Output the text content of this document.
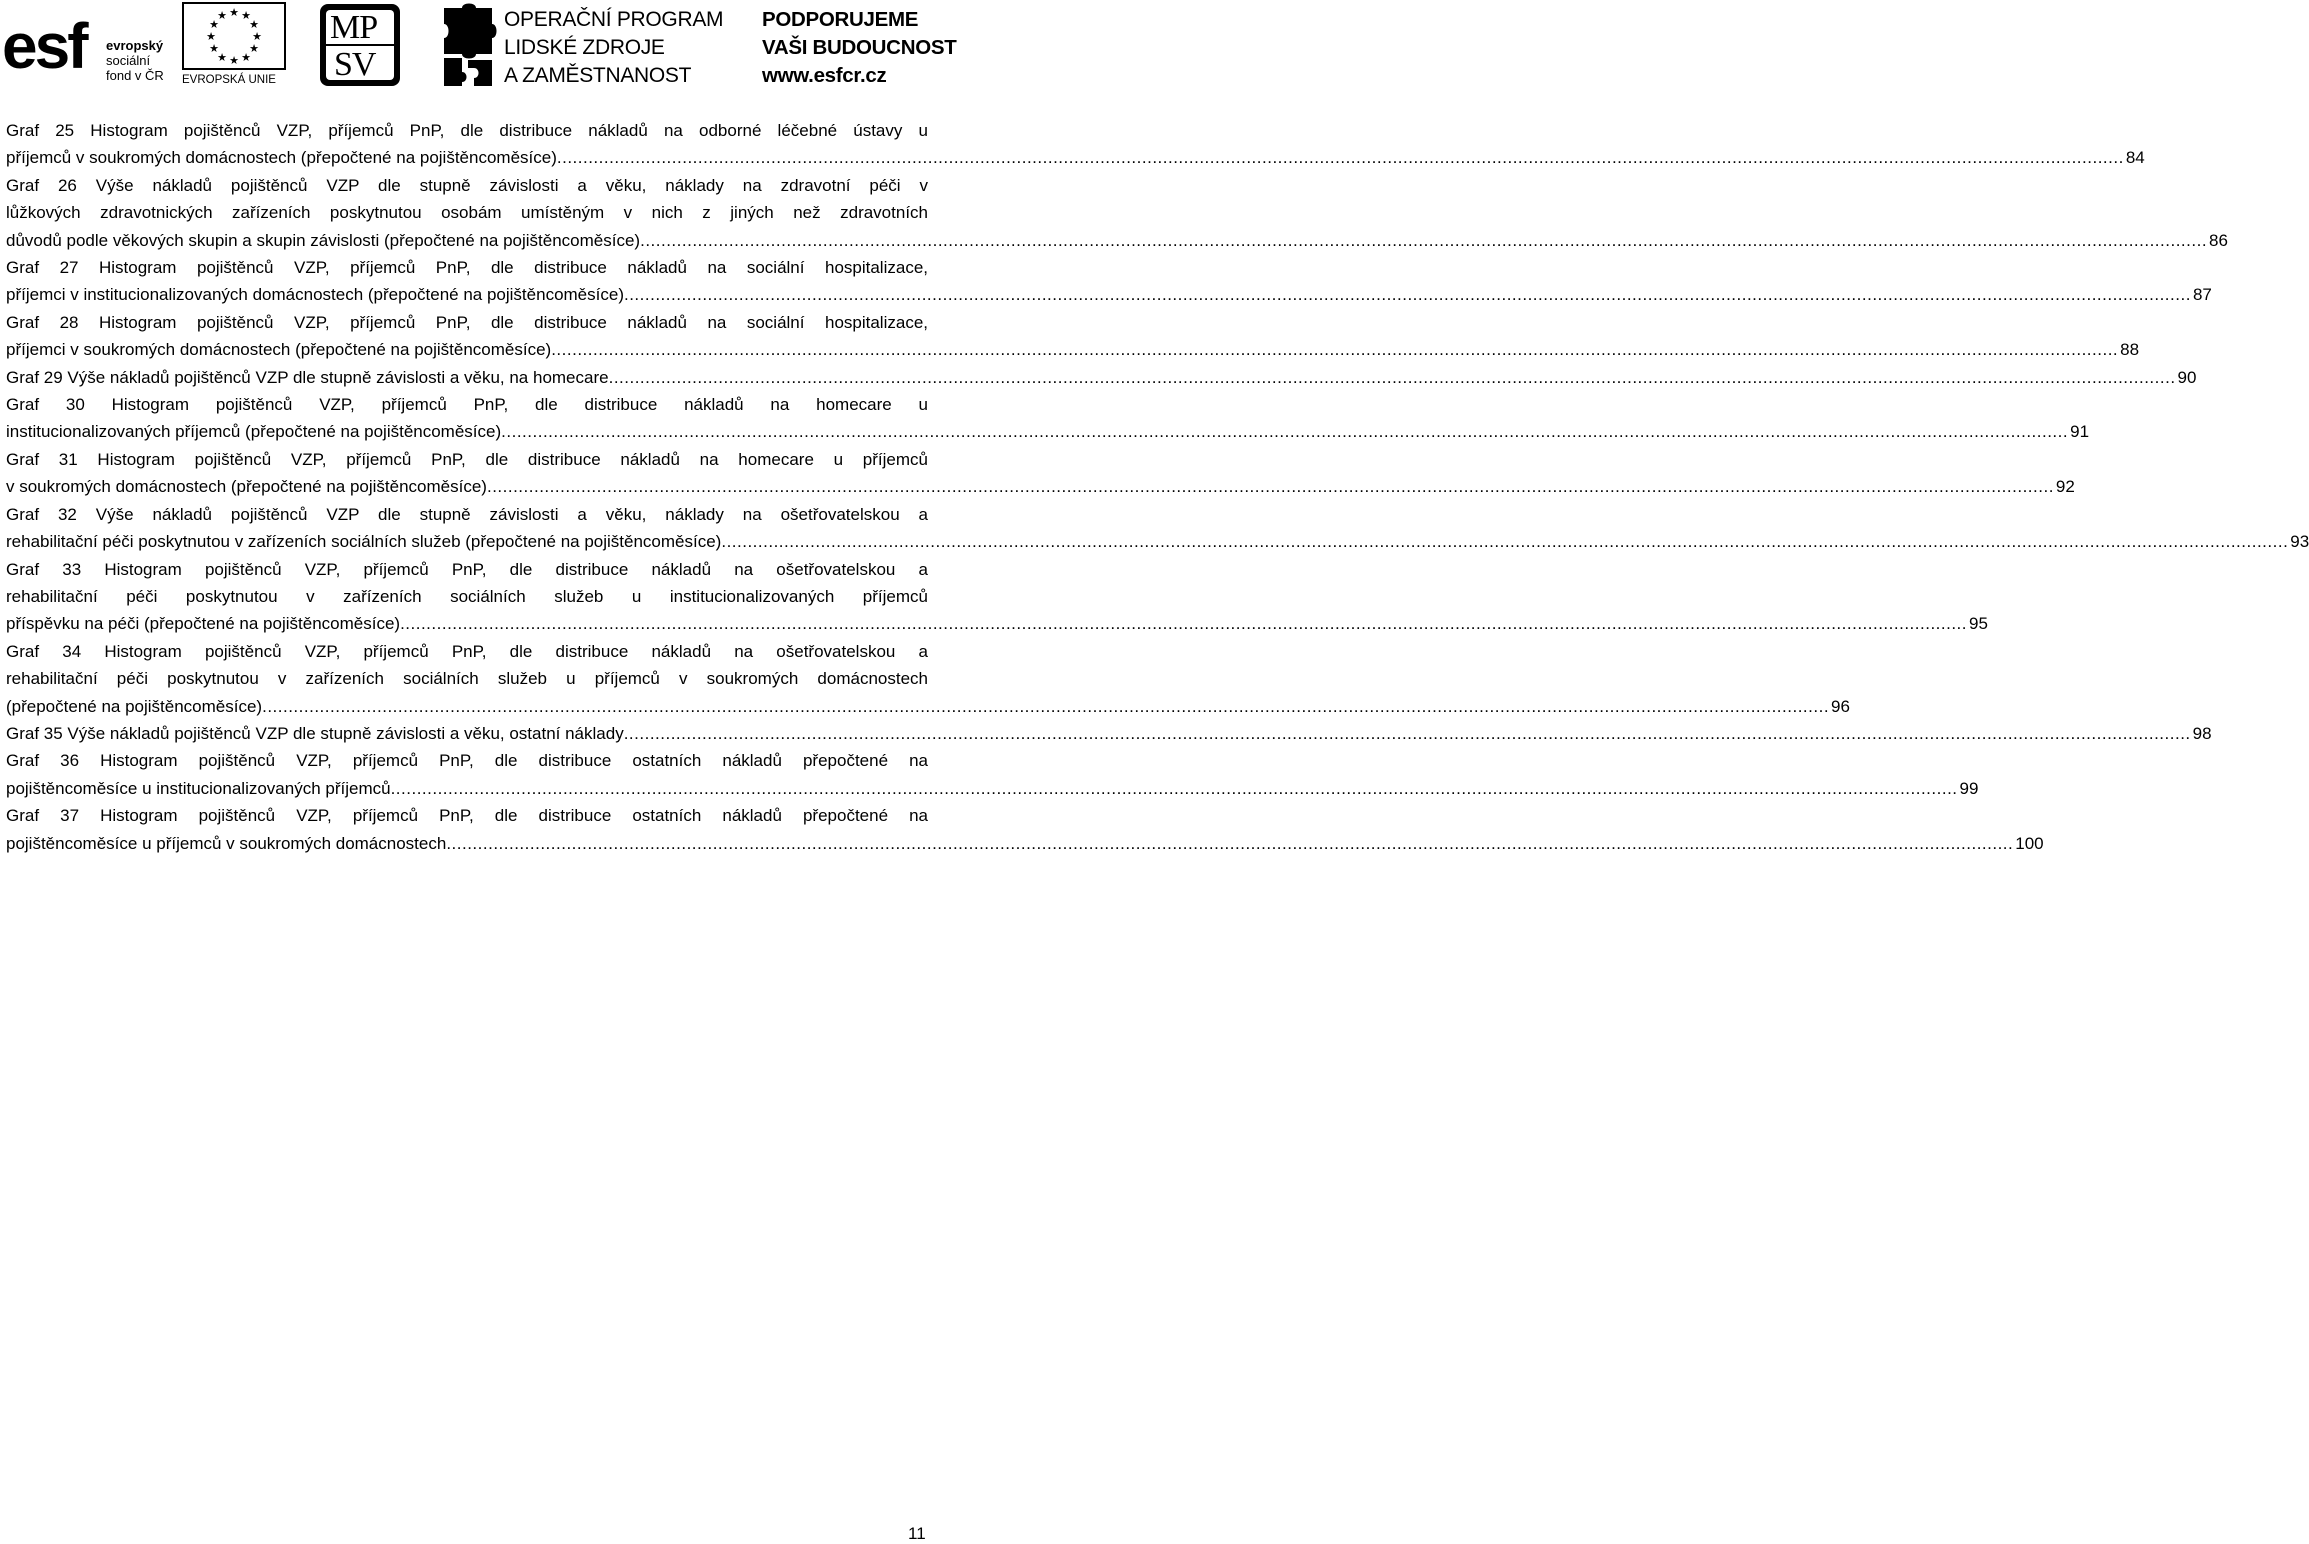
esf evropský
sociální
fond v ČR
★ ★
★
★
★
★
★
★
★
★
★
★
EVROPSKÁ UNIE
MP
SV
OPERAČNÍ PROGRAM
LIDSKÉ ZDROJE
A ZAMĚSTNANOST
PODPORUJEME
VAŠI BUDOUCNOST
www.esfcr.cz
Graf 25 Histogram pojištěnců VZP, příjemců PnP, dle distribuce nákladů na odborné léčebné ústavy u
příjemců v soukromých domácnostech (přepočtené na pojištěncoměsíce) ............................................................................................................................................................................................................................................................................................................ 84
Graf 26 Výše nákladů pojištěnců VZP dle stupně závislosti a věku, náklady na zdravotní péči v
lůžkových zdravotnických zařízeních poskytnutou osobám umístěným v nich z jiných než zdravotních
důvodů podle věkových skupin a skupin závislosti (přepočtené na pojištěncoměsíce) ............................................................................................................................................................................................................................................................................................................ 86
Graf 27 Histogram pojištěnců VZP, příjemců PnP, dle distribuce nákladů na sociální hospitalizace,
příjemci v institucionalizovaných domácnostech (přepočtené na pojištěncoměsíce) ............................................................................................................................................................................................................................................................................................................ 87
Graf 28 Histogram pojištěnců VZP, příjemců PnP, dle distribuce nákladů na sociální hospitalizace,
příjemci v soukromých domácnostech (přepočtené na pojištěncoměsíce) ............................................................................................................................................................................................................................................................................................................ 88
Graf 29 Výše nákladů pojištěnců VZP dle stupně závislosti a věku, na homecare ............................................................................................................................................................................................................................................................................................................ 90
Graf 30 Histogram pojištěnců VZP, příjemců PnP, dle distribuce nákladů na homecare u
institucionalizovaných příjemců (přepočtené na pojištěncoměsíce) ............................................................................................................................................................................................................................................................................................................ 91
Graf 31 Histogram pojištěnců VZP, příjemců PnP, dle distribuce nákladů na homecare u příjemců
v soukromých domácnostech (přepočtené na pojištěncoměsíce) ............................................................................................................................................................................................................................................................................................................ 92
Graf 32 Výše nákladů pojištěnců VZP dle stupně závislosti a věku, náklady na ošetřovatelskou a
rehabilitační péči poskytnutou v zařízeních sociálních služeb (přepočtené na pojištěncoměsíce) ............................................................................................................................................................................................................................................................................................................ 93
Graf 33 Histogram pojištěnců VZP, příjemců PnP, dle distribuce nákladů na ošetřovatelskou a
rehabilitační péči poskytnutou v zařízeních sociálních služeb u institucionalizovaných příjemců
příspěvku na péči (přepočtené na pojištěncoměsíce) ............................................................................................................................................................................................................................................................................................................ 95
Graf 34 Histogram pojištěnců VZP, příjemců PnP, dle distribuce nákladů na ošetřovatelskou a
rehabilitační péči poskytnutou v zařízeních sociálních služeb u příjemců v soukromých domácnostech
(přepočtené na pojištěncoměsíce) ............................................................................................................................................................................................................................................................................................................ 96
Graf 35 Výše nákladů pojištěnců VZP dle stupně závislosti a věku, ostatní náklady ............................................................................................................................................................................................................................................................................................................ 98
Graf 36 Histogram pojištěnců VZP, příjemců PnP, dle distribuce ostatních nákladů přepočtené na
pojištěncoměsíce u institucionalizovaných příjemců ............................................................................................................................................................................................................................................................................................................ 99
Graf 37 Histogram pojištěnců VZP, příjemců PnP, dle distribuce ostatních nákladů přepočtené na
pojištěncoměsíce u příjemců v soukromých domácnostech ............................................................................................................................................................................................................................................................................................................ 100
11
